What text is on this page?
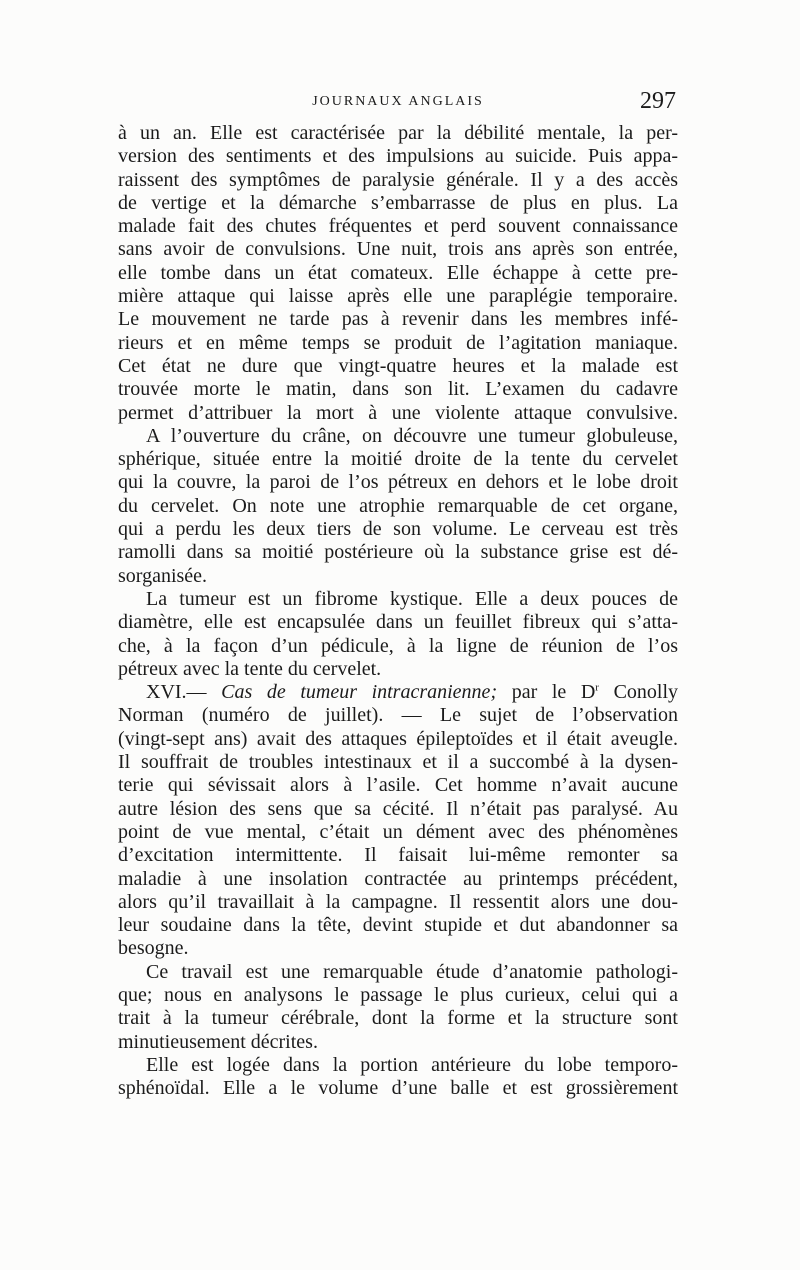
JOURNAUX ANGLAIS	297
à un an. Elle est caractérisée par la débilité mentale, la per-
version des sentiments et des impulsions au suicide. Puis appa-
raissent des symptômes de paralysie générale. Il y a des accès
de vertige et la démarche s’embarrasse de plus en plus. La
malade fait des chutes fréquentes et perd souvent connaissance
sans avoir de convulsions. Une nuit, trois ans après son entrée,
elle tombe dans un état comateux. Elle échappe à cette pre-
mière attaque qui laisse après elle une paraplégie temporaire.
Le mouvement ne tarde pas à revenir dans les membres infé-
rieurs et en même temps se produit de l’agitation maniaque.
Cet état ne dure que vingt-quatre heures et la malade est
trouvée morte le matin, dans son lit. L’examen du cadavre
permet d’attribuer la mort à une violente attaque convulsive.
A l’ouverture du crâne, on découvre une tumeur globuleuse,
sphérique, située entre la moitié droite de la tente du cervelet
qui la couvre, la paroi de l’os pétreux en dehors et le lobe droit
du cervelet. On note une atrophie remarquable de cet organe,
qui a perdu les deux tiers de son volume. Le cerveau est très
ramolli dans sa moitié postérieure où la substance grise est dé-
sorganisée.
La tumeur est un fibrome kystique. Elle a deux pouces de
diamètre, elle est encapsulée dans un feuillet fibreux qui s’atta-
che, à la façon d’un pédicule, à la ligne de réunion de l’os
pétreux avec la tente du cervelet.
XVI.— Cas de tumeur intracranienne; par le $D^r$ Conolly
Norman (numéro de juillet). — Le sujet de l’observation
(vingt-sept ans) avait des attaques épileptoïdes et il était aveugle.
Il souffrait de troubles intestinaux et il a succombé à la dysen-
terie qui sévissait alors à l’asile. Cet homme n’avait aucune
autre lésion des sens que sa cécité. Il n’était pas paralysé. Au
point de vue mental, c’était un dément avec des phénomènes
d’excitation intermittente. Il faisait lui-même remonter sa
maladie à une insolation contractée au printemps précédent,
alors qu’il travaillait à la campagne. Il ressentit alors une dou-
leur soudaine dans la tête, devint stupide et dut abandonner sa
besogne.
Ce travail est une remarquable étude d’anatomie pathologi-
que; nous en analysons le passage le plus curieux, celui qui a
trait à la tumeur cérébrale, dont la forme et la structure sont
minutieusement décrites.
Elle est logée dans la portion antérieure du lobe temporo-
sphénoïdal. Elle a le volume d’une balle et est grossièrement
